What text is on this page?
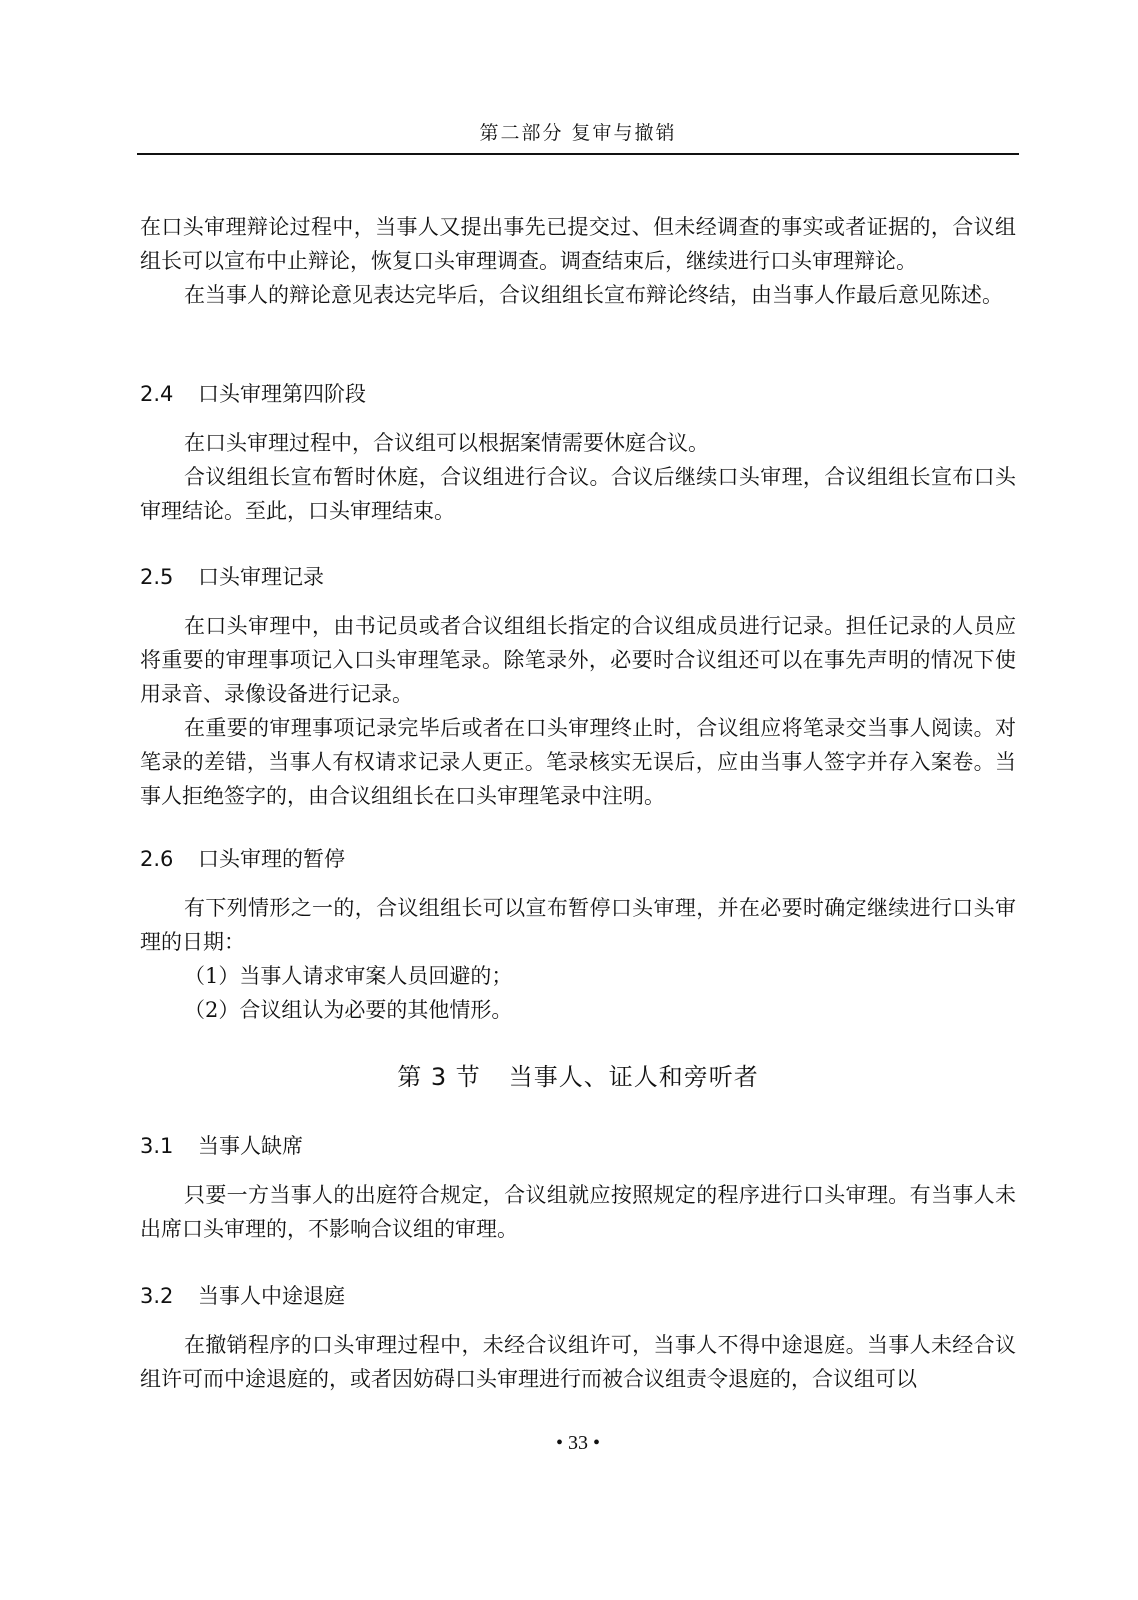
第二部分 复审与撤销
在口头审理辩论过程中，当事人又提出事先已提交过、但未经调查的事实或者证据的，合议组组长可以宣布中止辩论，恢复口头审理调查。调查结束后，继续进行口头审理辩论。
在当事人的辩论意见表达完毕后，合议组组长宣布辩论终结，由当事人作最后意见陈述。
2.4 口头审理第四阶段
在口头审理过程中，合议组可以根据案情需要休庭合议。
合议组组长宣布暂时休庭，合议组进行合议。合议后继续口头审理，合议组组长宣布口头审理结论。至此，口头审理结束。
2.5 口头审理记录
在口头审理中，由书记员或者合议组组长指定的合议组成员进行记录。担任记录的人员应将重要的审理事项记入口头审理笔录。除笔录外，必要时合议组还可以在事先声明的情况下使用录音、录像设备进行记录。
在重要的审理事项记录完毕后或者在口头审理终止时，合议组应将笔录交当事人阅读。对笔录的差错，当事人有权请求记录人更正。笔录核实无误后，应由当事人签字并存入案卷。当事人拒绝签字的，由合议组组长在口头审理笔录中注明。
2.6 口头审理的暂停
有下列情形之一的，合议组组长可以宣布暂停口头审理，并在必要时确定继续进行口头审理的日期：
（1）当事人请求审案人员回避的；
（2）合议组认为必要的其他情形。
第 3 节 当事人、证人和旁听者
3.1 当事人缺席
只要一方当事人的出庭符合规定，合议组就应按照规定的程序进行口头审理。有当事人未出席口头审理的，不影响合议组的审理。
3.2 当事人中途退庭
在撤销程序的口头审理过程中，未经合议组许可，当事人不得中途退庭。当事人未经合议组许可而中途退庭的，或者因妨碍口头审理进行而被合议组责令退庭的，合议组可以
• 33 •
